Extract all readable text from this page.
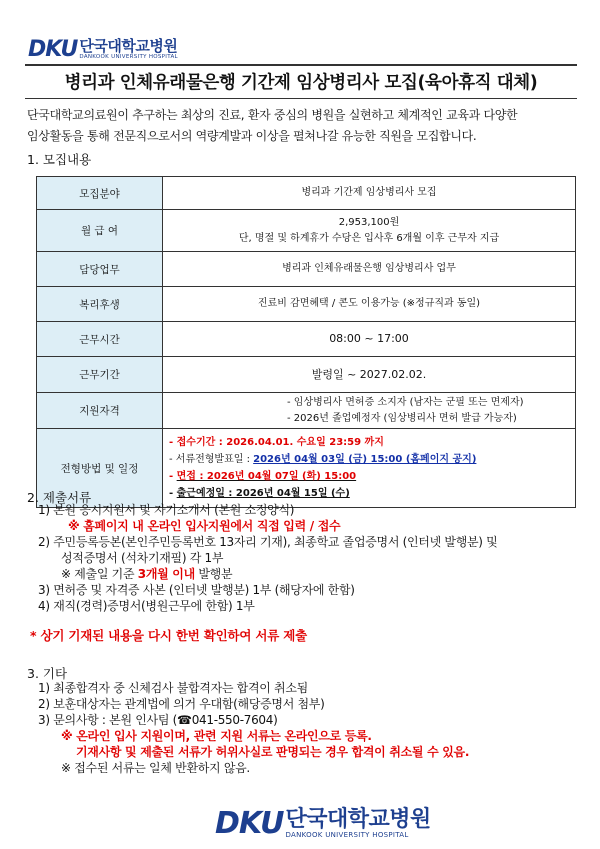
DKU 단국대학교병원
DANKOOK UNIVERSITY HOSPITAL
병리과 인체유래물은행 기간제 임상병리사 모집(육아휴직 대체)
단국대학교의료원이 추구하는 최상의 진료, 환자 중심의 병원을 실현하고 체계적인 교육과 다양한
임상활동을 통해 전문직으로서의 역량계발과 이상을 펼쳐나갈 유능한 직원을 모집합니다.
1. 모집내용
모집분야	병리과 기간제 임상병리사 모집
월 급 여	2,953,100원
단, 명절 및 하계휴가 수당은 입사후 6개월 이후 근무자 지급

담당업무	병리과 인체유래물은행 임상병리사 업무
복리후생	진료비 감면혜택 / 콘도 이용가능 (※정규직과 동일)
근무시간	08:00 ~ 17:00
근무기간	발령일 ~ 2027.02.02.
지원자격	- 임상병리사 면허증 소지자 (남자는 군필 또는 면제자)
- 2026년 졸업예정자 (임상병리사 면허 발급 가능자)

전형방법 및 일정	- 접수기간 : 2026.04.01. 수요일 23:59 까지
- 서류전형발표일 : 2026년 04월 03일 (금) 15:00 (홈페이지 공지)
- 면접 : 2026년 04월 07일 (화) 15:00
- 출근예정일 : 2026년 04월 15일 (수)
2. 제출서류
1) 본원 응시지원서 및 자기소개서 (본원 소정양식)
※ 홈페이지 내 온라인 입사지원에서 직접 입력 / 접수
2) 주민등록등본(본인주민등록번호 13자리 기재), 최종학교 졸업증명서 (인터넷 발행분) 및
성적증명서 (석차기재필) 각 1부
※ 제출일 기준 3개월 이내 발행분
3) 면허증 및 자격증 사본 (인터넷 발행분) 1부 (해당자에 한함)
4) 재직(경력)증명서(병원근무에 한함) 1부
* 상기 기재된 내용을 다시 한번 확인하여 서류 제출
3. 기타
1) 최종합격자 중 신체검사 불합격자는 합격이 취소됨
2) 보훈대상자는 관계법에 의거 우대함(해당증명서 첨부)
3) 문의사항 : 본원 인사팀 (☎041-550-7604)
※ 온라인 입사 지원이며, 관련 지원 서류는 온라인으로 등록.
기재사항 및 제출된 서류가 허위사실로 판명되는 경우 합격이 취소될 수 있음.
※ 접수된 서류는 일체 반환하지 않음.
DKU 단국대학교병원
DANKOOK UNIVERSITY HOSPITAL
